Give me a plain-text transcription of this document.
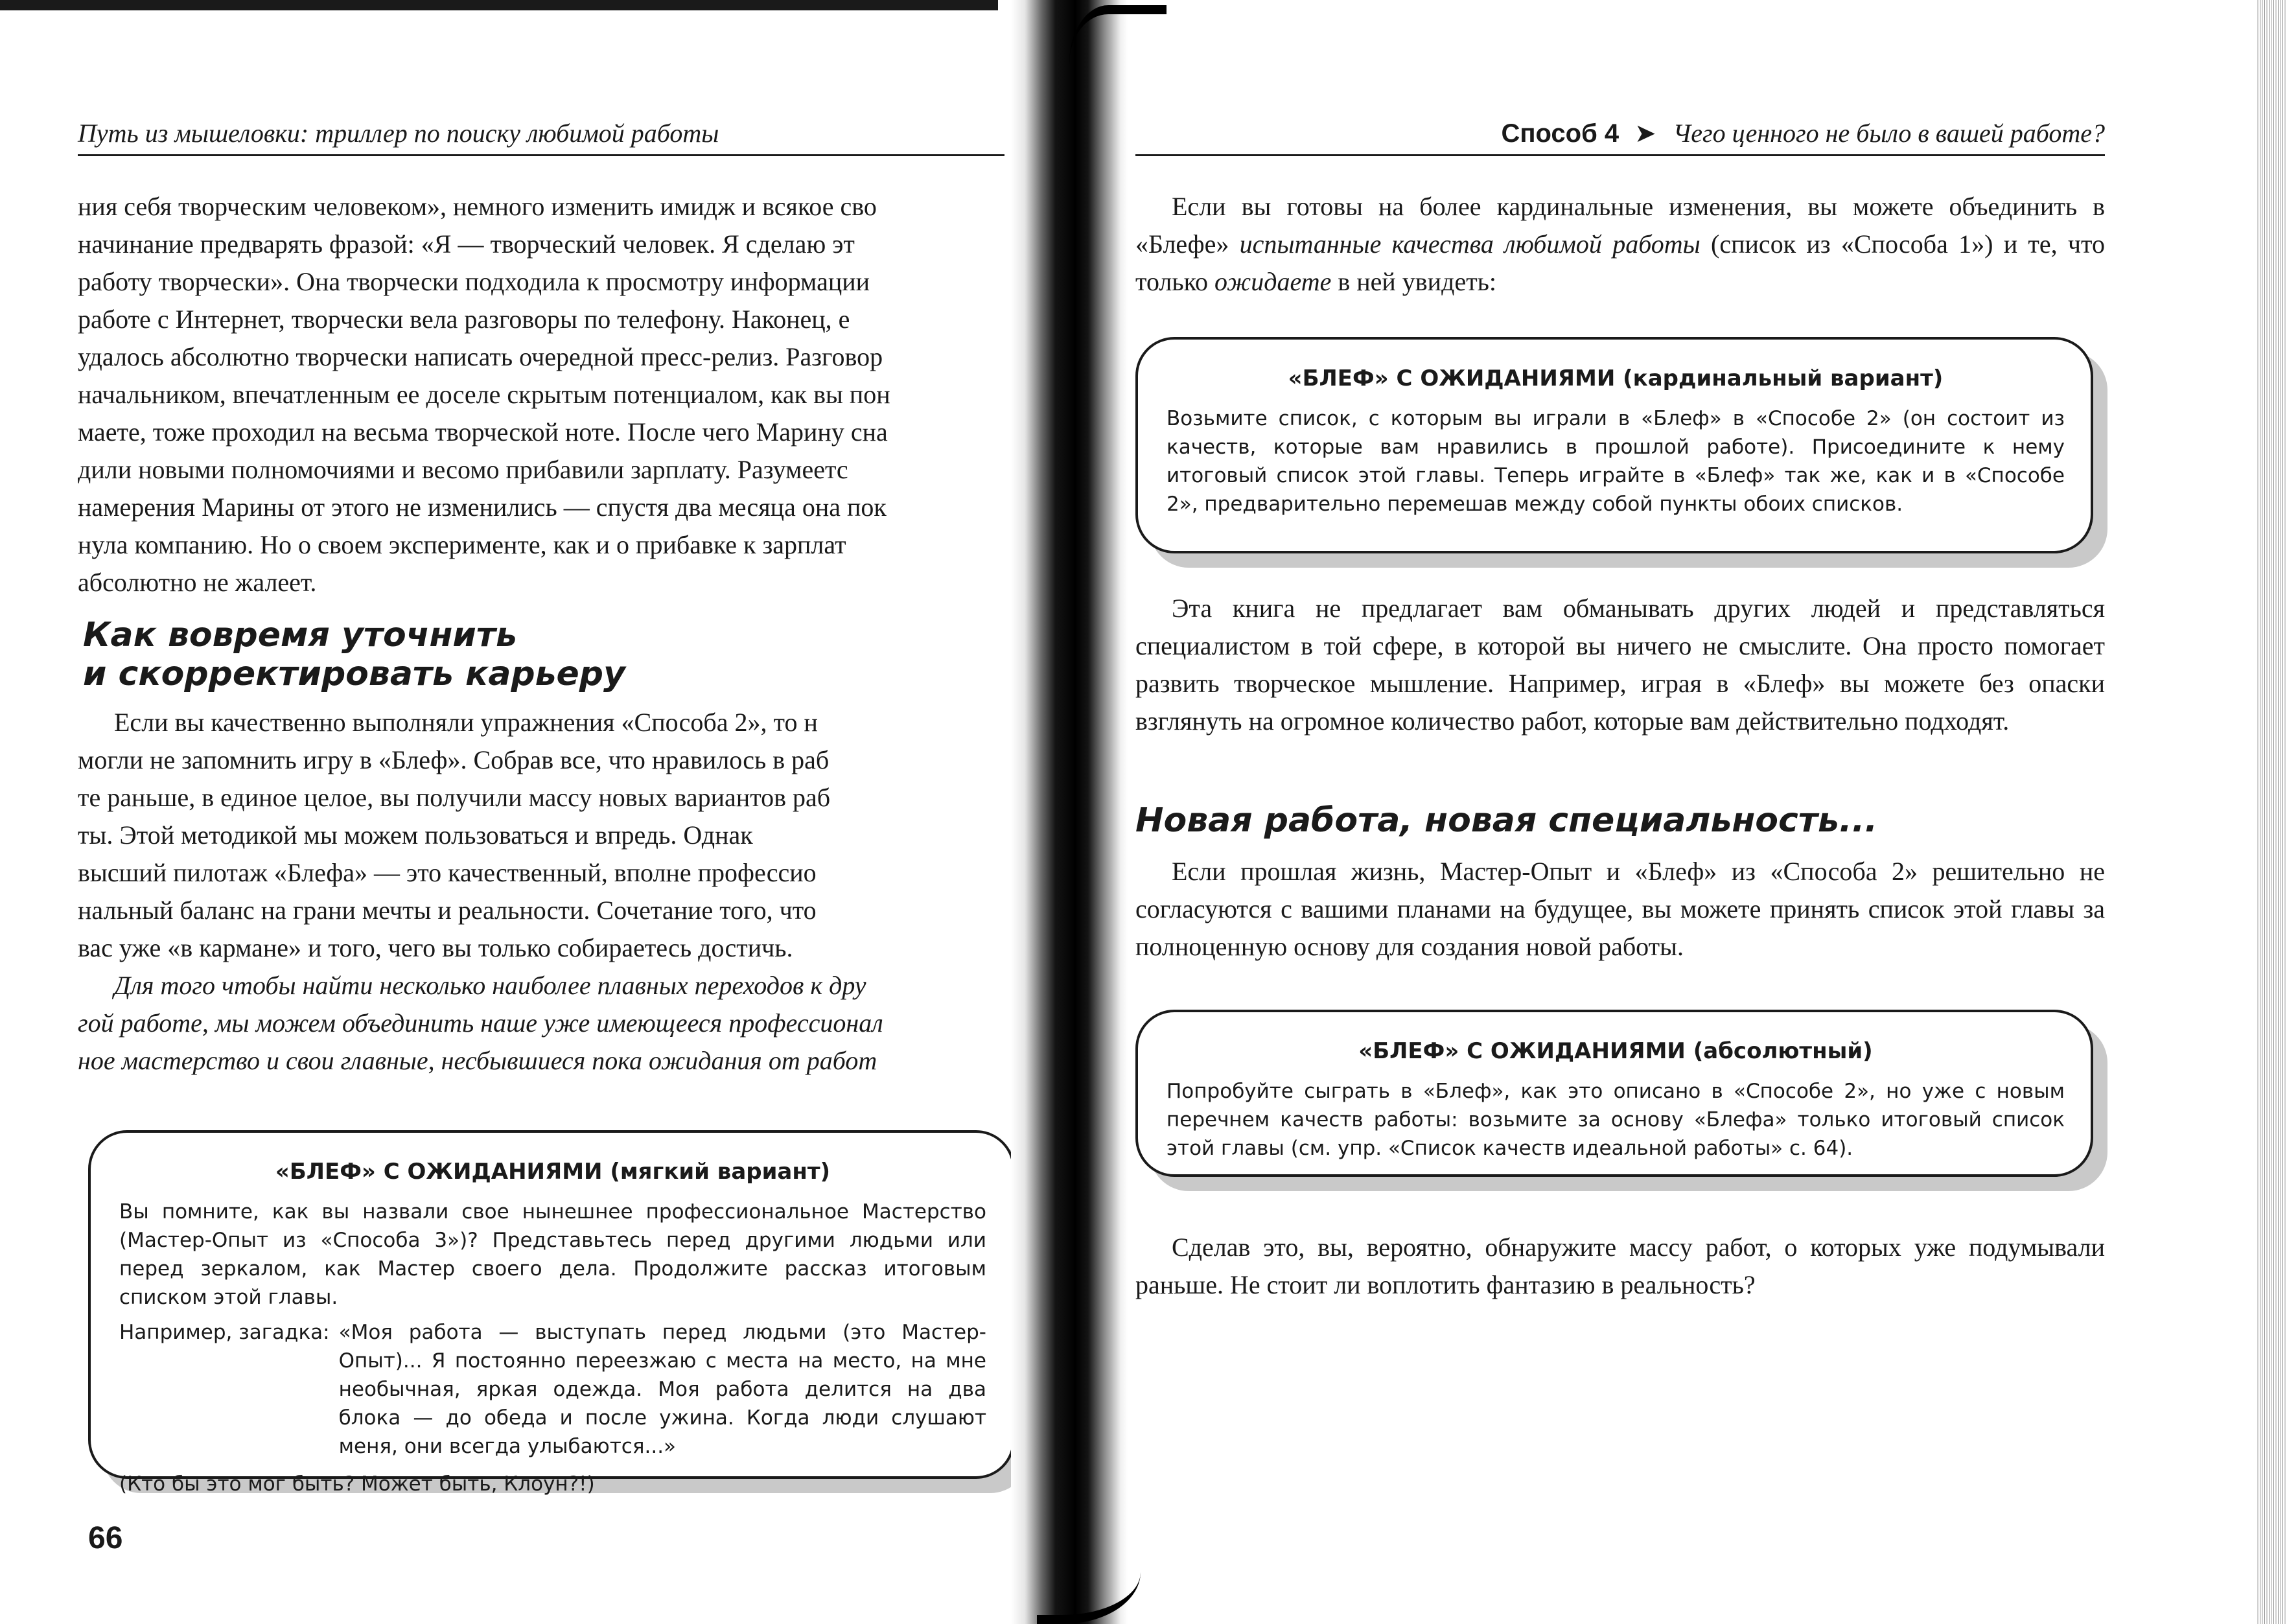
Путь из мышеловки: триллер по поиску любимой работы

ния себя творческим человеком», немного изменить имидж и всякое сво

начинание предварять фразой: «Я — творческий человек. Я сделаю эт

работу творчески». Она творчески подходила к просмотру информации

работе с Интернет, творчески вела разговоры по телефону. Наконец, е

удалось абсолютно творчески написать очередной пресс-релиз. Разговор

начальником, впечатленным ее доселе скрытым потенциалом, как вы пон

маете, тоже проходил на весьма творческой ноте. После чего Марину сна

дили новыми полномочиями и весомо прибавили зарплату. Разумеетс

намерения Марины от этого не изменились — спустя два месяца она пок

нула компанию. Но о своем эксперименте, как и о прибавке к зарплат

абсолютно не жалеет.

Как вовремя уточнить
и скорректировать карьеру

Если вы качественно выполняли упражнения «Способа 2», то н

могли не запомнить игру в «Блеф». Собрав все, что нравилось в раб

те раньше, в единое целое, вы получили массу новых вариантов раб

ты. Этой методикой мы можем пользоваться и впредь. Однак

высший пилотаж «Блефа» — это качественный, вполне профессио

нальный баланс на грани мечты и реальности. Сочетание того, что

вас уже «в кармане» и того, чего вы только собираетесь достичь.

Для того чтобы найти несколько наиболее плавных переходов к дру

гой работе, мы можем объединить наше уже имеющееся профессионал

ное мастерство и свои главные, несбывшиеся пока ожидания от работ

«БЛЕФ» С ОЖИДАНИЯМИ (мягкий вариант)

Вы помните, как вы назвали свое нынешнее профессиональное Мастерство (Мастер-Опыт из «Способа 3»)? Представьтесь перед другими людьми или перед зеркалом, как Мастер своего дела. Продолжите рассказ итоговым списком этой главы.

Например, загадка: «Моя работа — выступать перед людьми (это Мастер-Опыт)... Я постоянно переезжаю с места на место, на мне необычная, яркая одежда. Моя работа делится на два блока — до обеда и после ужина. Когда люди слушают меня, они всегда улыбаются...»

(Кто бы это мог быть? Может быть, Клоун?!)

66
Способ 4 ➤ Чего ценного не было в вашей работе?

Если вы готовы на более кардинальные изменения, вы можете объединить в «Блефе» испытанные качества любимой работы (список из «Способа 1») и те, что только ожидаете в ней увидеть:

«БЛЕФ» С ОЖИДАНИЯМИ (кардинальный вариант)

Возьмите список, с которым вы играли в «Блеф» в «Способе 2» (он состоит из качеств, которые вам нравились в прошлой работе). Присоедините к нему итоговый список этой главы. Теперь играйте в «Блеф» так же, как и в «Способе 2», предварительно перемешав между собой пункты обоих списков.

Эта книга не предлагает вам обманывать других людей и представляться специалистом в той сфере, в которой вы ничего не смыслите. Она просто помогает развить творческое мышление. Например, играя в «Блеф» вы можете без опаски взглянуть на огромное количество работ, которые вам действительно подходят.

Новая работа, новая специальность...

Если прошлая жизнь, Мастер-Опыт и «Блеф» из «Способа 2» решительно не согласуются с вашими планами на будущее, вы можете принять список этой главы за полноценную основу для создания новой работы.

«БЛЕФ» С ОЖИДАНИЯМИ (абсолютный)

Попробуйте сыграть в «Блеф», как это описано в «Способе 2», но уже с новым перечнем качеств работы: возьмите за основу «Блефа» только итоговый список этой главы (см. упр. «Список качеств идеальной работы» с. 64).

Сделав это, вы, вероятно, обнаружите массу работ, о которых уже подумывали раньше. Не стоит ли воплотить фантазию в реальность?
